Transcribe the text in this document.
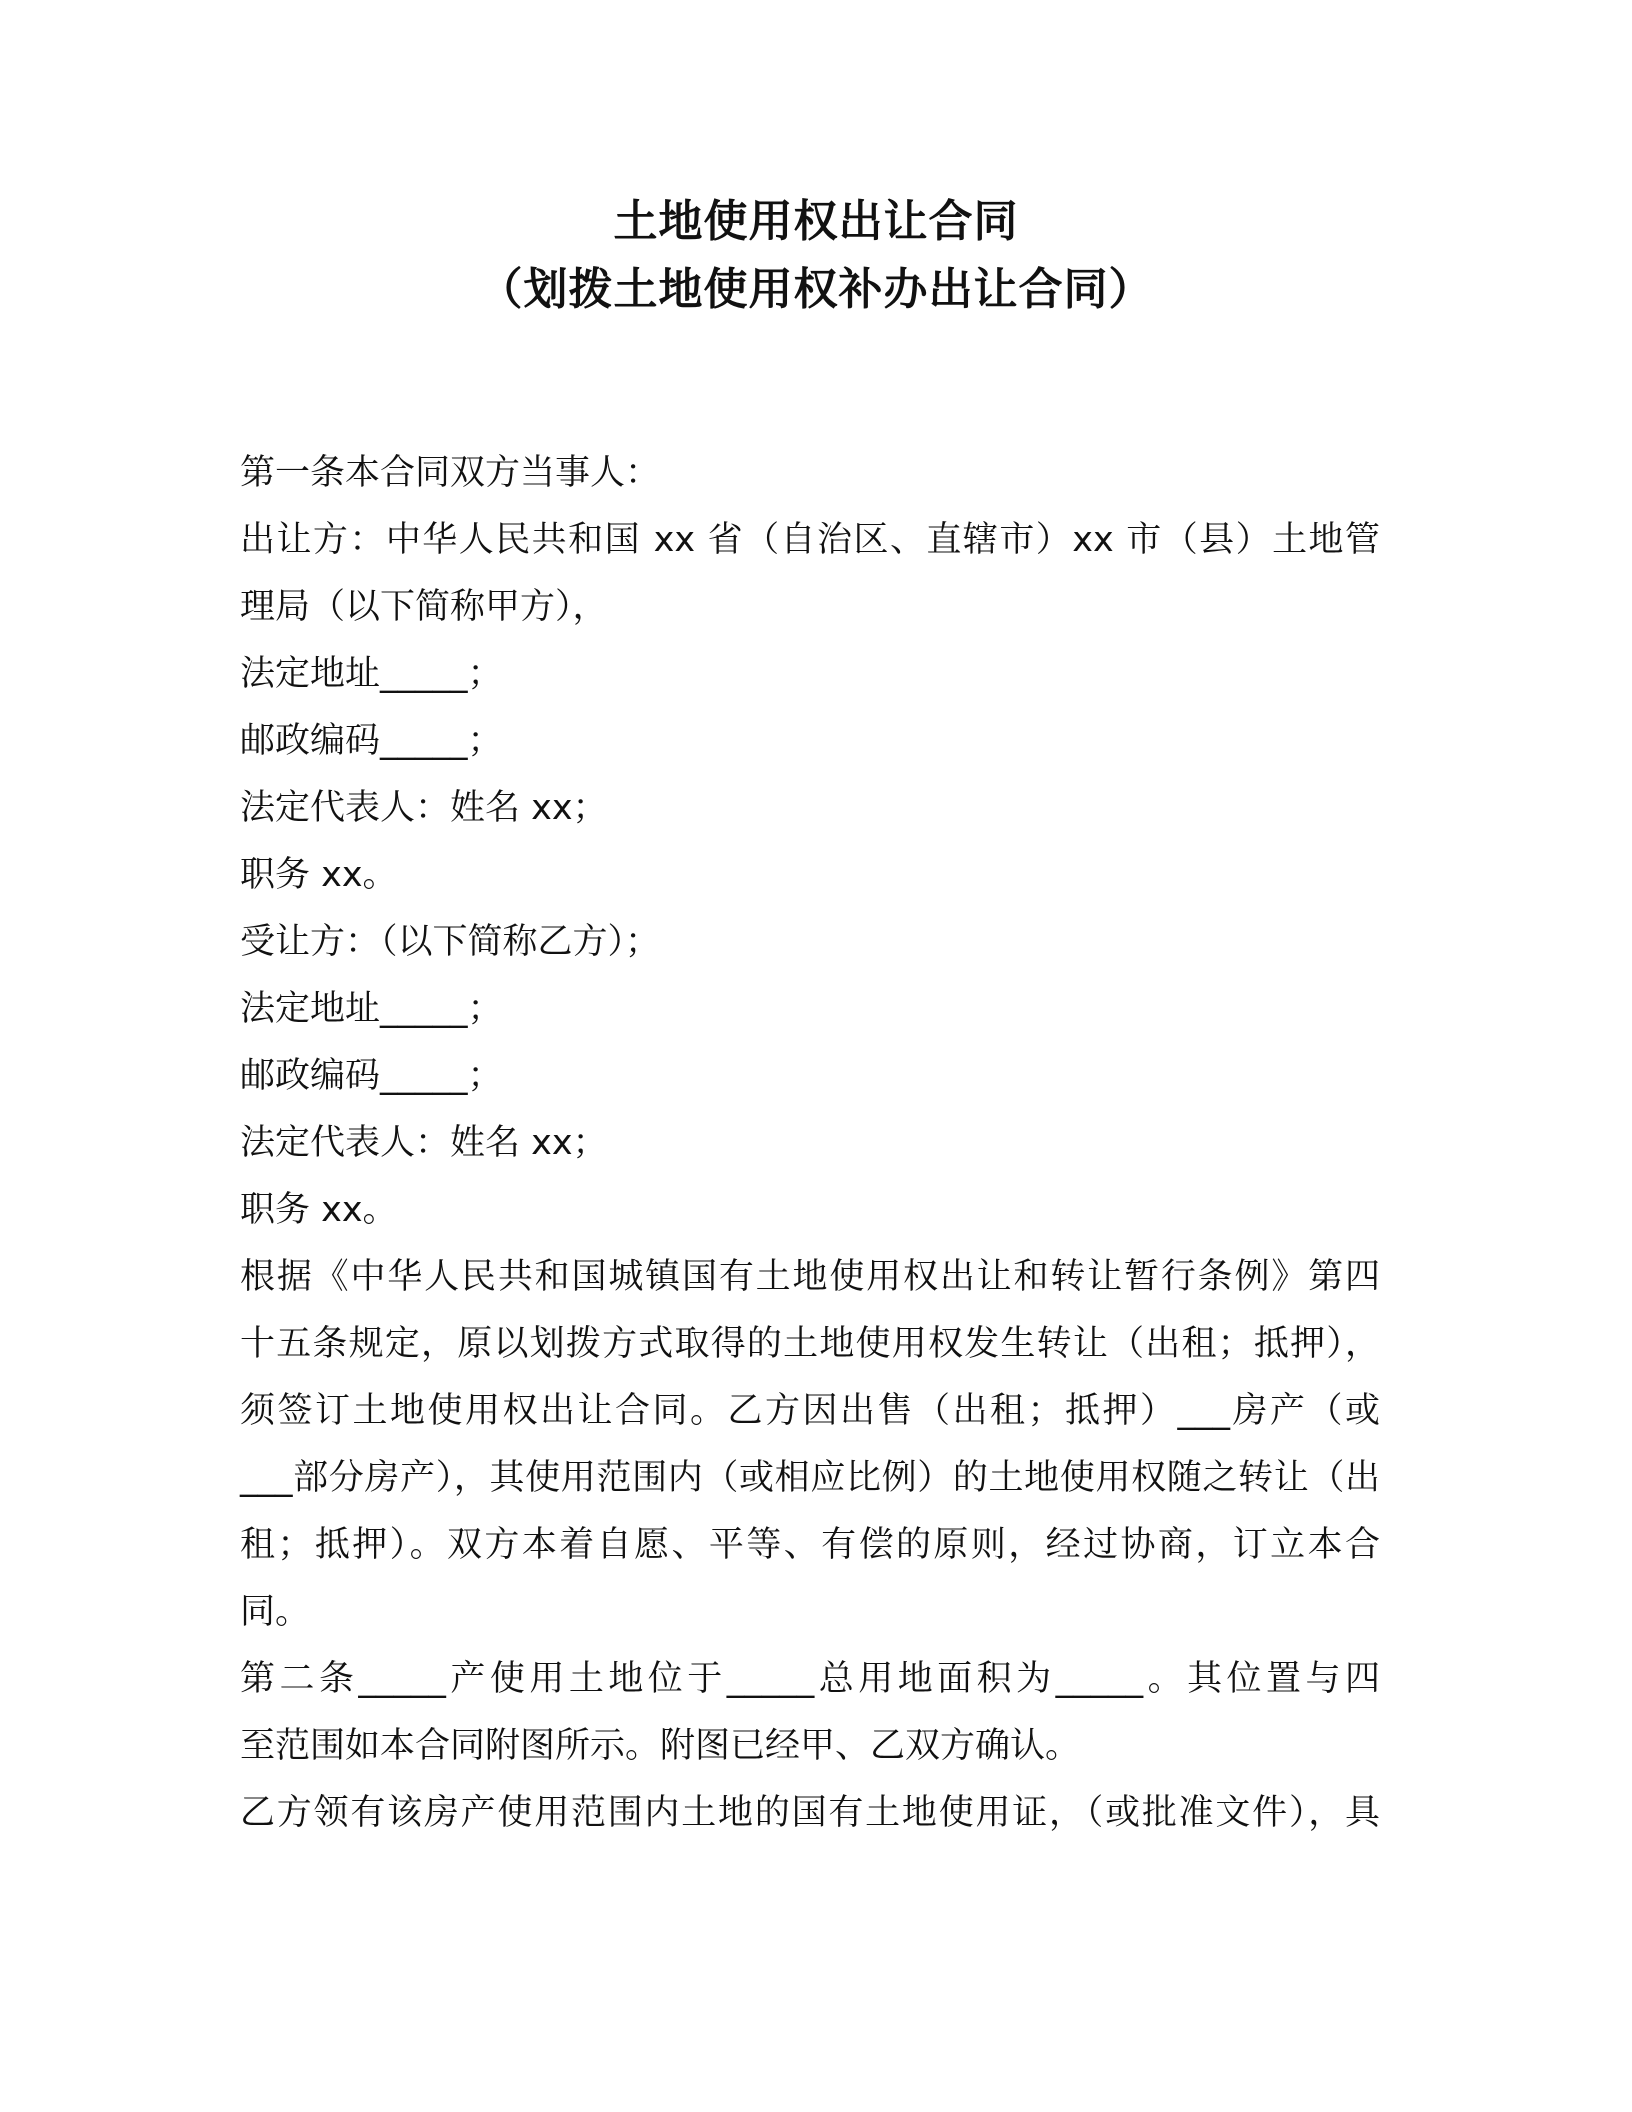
土地使用权出让合同

（划拨土地使用权补办出让合同）

第一条本合同双方当事人：

出让方：中华人民共和国 xx 省（自治区、直辖市）xx 市（县）土地管

理局（以下简称甲方），

法定地址_____；

邮政编码_____；

法定代表人：姓名 xx；

职务 xx。

受让方：（以下简称乙方）；

法定地址_____；

邮政编码_____；

法定代表人：姓名 xx；

职务 xx。

根据《中华人民共和国城镇国有土地使用权出让和转让暂行条例》第四

十五条规定，原以划拨方式取得的土地使用权发生转让（出租；抵押），

须签订土地使用权出让合同。乙方因出售（出租；抵押）___房产（或

___部分房产），其使用范围内（或相应比例）的土地使用权随之转让（出

租；抵押）。双方本着自愿、平等、有偿的原则，经过协商，订立本合

同。

第二条_____产使用土地位于_____总用地面积为_____。其位置与四

至范围如本合同附图所示。附图已经甲、乙双方确认。

乙方领有该房产使用范围内土地的国有土地使用证，（或批准文件），具
